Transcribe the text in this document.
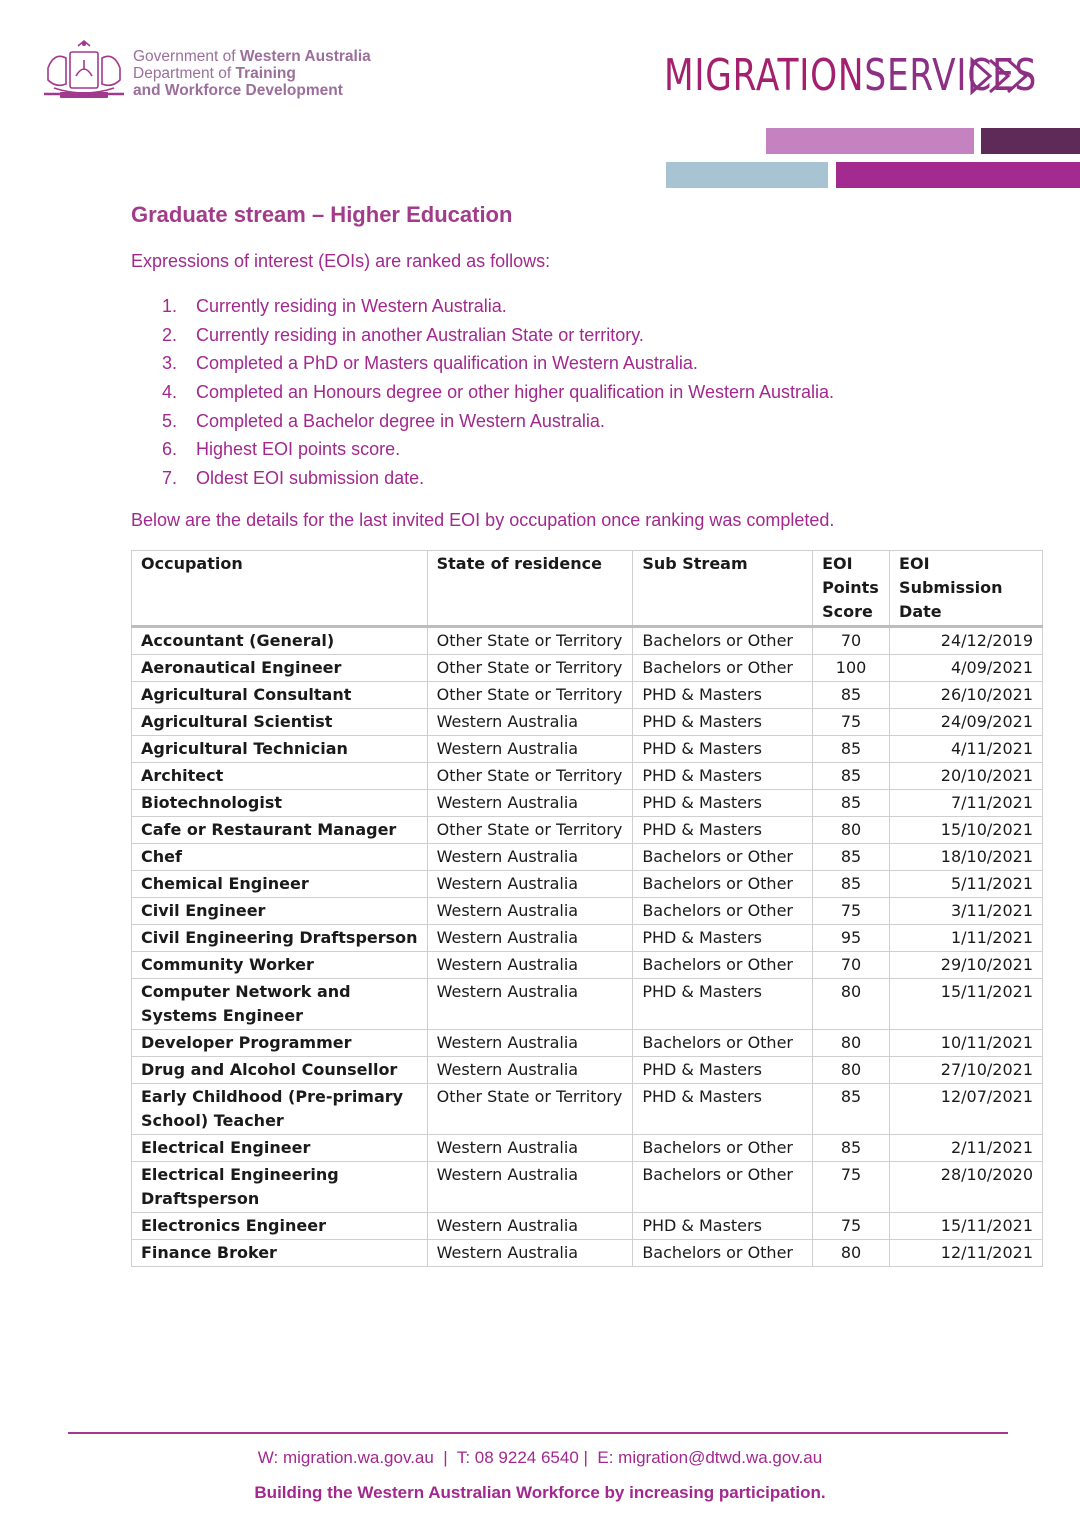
Government of Western Australia
Department of Training
and Workforce Development	MIGRATIONSERVICES
Graduate stream – Higher Education
Expressions of interest (EOIs) are ranked as follows:
1. Currently residing in Western Australia.
2. Currently residing in another Australian State or territory.
3. Completed a PhD or Masters qualification in Western Australia.
4. Completed an Honours degree or other higher qualification in Western Australia.
5. Completed a Bachelor degree in Western Australia.
6. Highest EOI points score.
7. Oldest EOI submission date.
Below are the details for the last invited EOI by occupation once ranking was completed.
Occupation	State of residence	Sub Stream	EOI Points Score	EOI  Submission Date
Accountant (General)	Other State or Territory	Bachelors or Other	70	24/12/2019
Aeronautical Engineer	Other State or Territory	Bachelors or Other	100	4/09/2021
Agricultural Consultant	Other State or Territory	PHD & Masters	85	26/10/2021
Agricultural Scientist	Western Australia	PHD & Masters	75	24/09/2021
Agricultural Technician	Western Australia	PHD & Masters	85	4/11/2021
Architect	Other State or Territory	PHD & Masters	85	20/10/2021
Biotechnologist	Western Australia	PHD & Masters	85	7/11/2021
Cafe or Restaurant Manager	Other State or Territory	PHD & Masters	80	15/10/2021
Chef	Western Australia	Bachelors or Other	85	18/10/2021
Chemical Engineer	Western Australia	Bachelors or Other	85	5/11/2021
Civil Engineer	Western Australia	Bachelors or Other	75	3/11/2021
Civil Engineering Draftsperson	Western Australia	PHD & Masters	95	1/11/2021
Community Worker	Western Australia	Bachelors or Other	70	29/10/2021
Computer Network and Systems Engineer	Western Australia	PHD & Masters	80	15/11/2021
Developer Programmer	Western Australia	Bachelors or Other	80	10/11/2021
Drug and Alcohol Counsellor	Western Australia	PHD & Masters	80	27/10/2021
Early Childhood (Pre-primary School) Teacher	Other State or Territory	PHD & Masters	85	12/07/2021
Electrical Engineer	Western Australia	Bachelors or Other	85	2/11/2021
Electrical Engineering Draftsperson	Western Australia	Bachelors or Other	75	28/10/2020
Electronics Engineer	Western Australia	PHD & Masters	75	15/11/2021
Finance Broker	Western Australia	Bachelors or Other	80	12/11/2021
W: migration.wa.gov.au  |  T: 08 9224 6540 |  E: migration@dtwd.wa.gov.au
Building the Western Australian Workforce by increasing participation.
